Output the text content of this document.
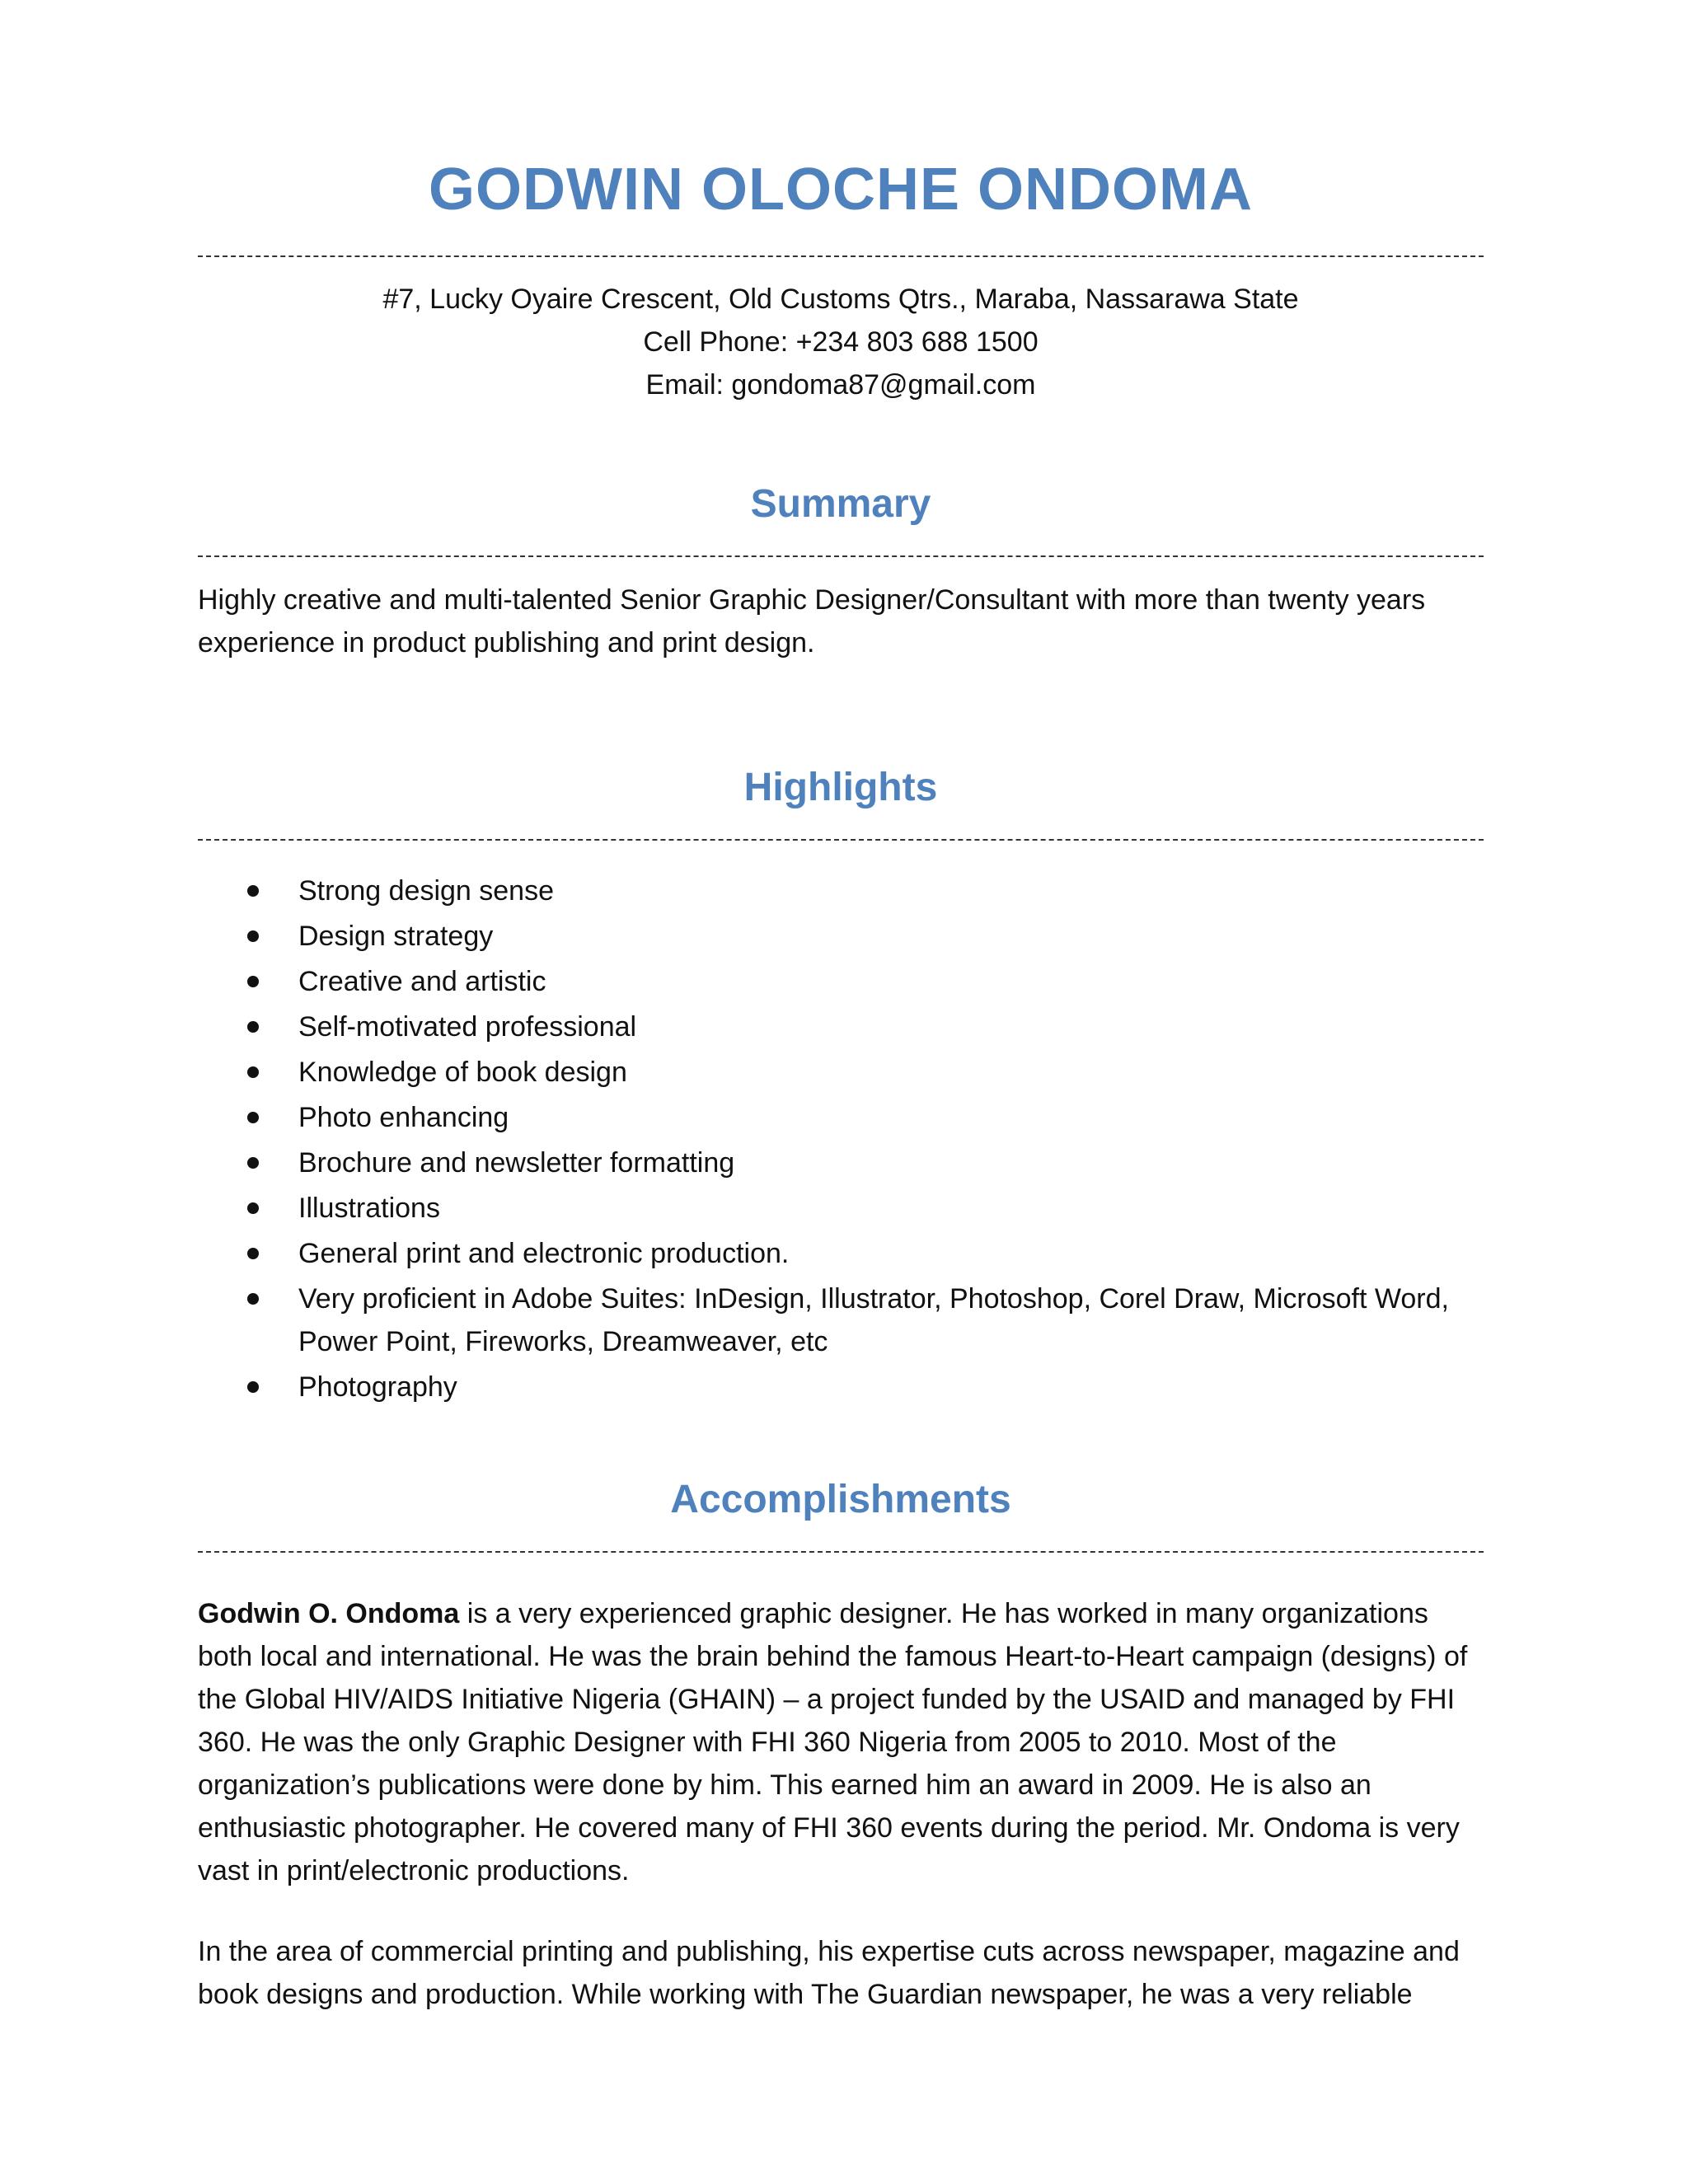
GODWIN OLOCHE ONDOMA
#7, Lucky Oyaire Crescent, Old Customs Qtrs., Maraba, Nassarawa State
Cell Phone: +234 803 688 1500
Email: gondoma87@gmail.com
Summary

Highly creative and multi-talented Senior Graphic Designer/Consultant with more than twenty years experience in product publishing and print design.

Highlights
Strong design sense
Design strategy
Creative and artistic
Self-motivated professional
Knowledge of book design
Photo enhancing
Brochure and newsletter formatting
Illustrations
General print and electronic production.
Very proficient in Adobe Suites: InDesign, Illustrator, Photoshop, Corel Draw, Microsoft Word, Power Point, Fireworks, Dreamweaver, etc
Photography
Accomplishments

Godwin O. Ondoma is a very experienced graphic designer. He has worked in many organizations both local and international. He was the brain behind the famous Heart-to-Heart campaign (designs) of the Global HIV/AIDS Initiative Nigeria (GHAIN) – a project funded by the USAID and managed by FHI 360. He was the only Graphic Designer with FHI 360 Nigeria from 2005 to 2010. Most of the organization’s publications were done by him. This earned him an award in 2009. He is also an enthusiastic photographer. He covered many of FHI 360 events during the period. Mr. Ondoma is very vast in print/electronic productions.

In the area of commercial printing and publishing, his expertise cuts across newspaper, magazine and book designs and production. While working with The Guardian newspaper, he was a very reliable
